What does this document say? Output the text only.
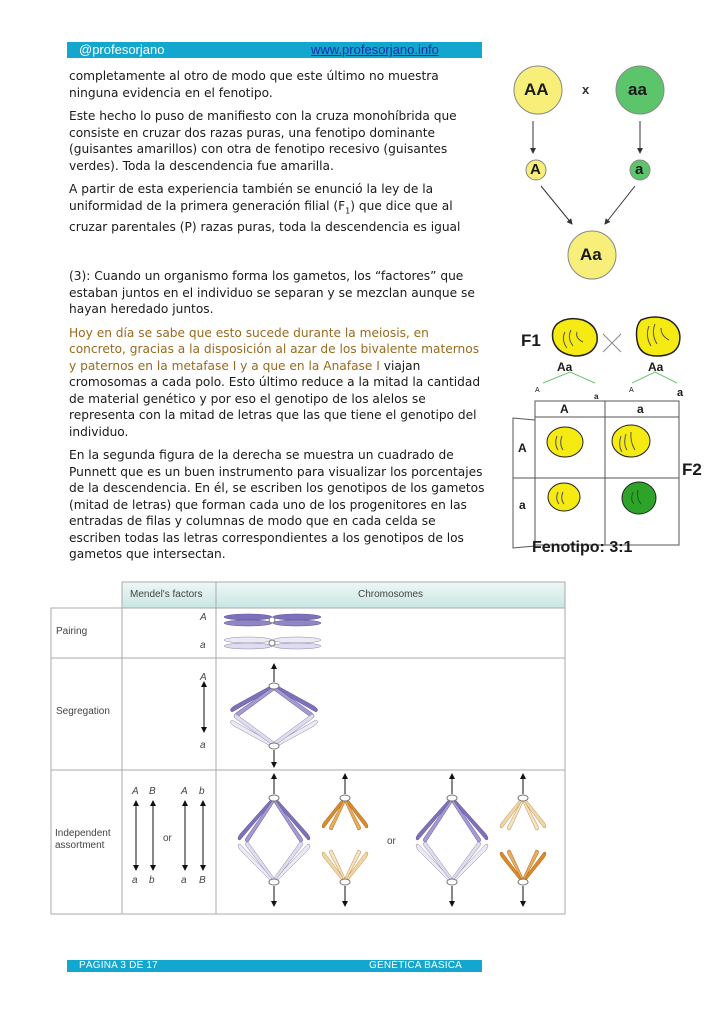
@profesorjano	www.profesorjano.info

completamente al otro de modo que este último no muestra ninguna evidencia en el fenotipo.

Este hecho lo puso de manifiesto con la cruza monohíbrida que consiste en cruzar dos razas puras, una fenotipo dominante (guisantes amarillos) con otra de fenotipo recesivo (guisantes verdes). Toda la descendencia fue amarilla.

A partir de esta experiencia también se enunció la ley de la uniformidad de la primera generación filial $(F_1)$ que dice que al cruzar parentales (P) razas puras, toda la descendencia es igual

(3): Cuando un organismo forma los gametos, los “factores” que estaban juntos en el individuo se separan y se mezclan aunque se hayan heredado juntos.

Hoy en día se sabe que esto sucede durante la meiosis, en concreto, gracias a la disposición al azar de los bivalente maternos y paternos en la metafase I y a que en la Anafase I viajan cromosomas a cada polo. Esto último reduce a la mitad la cantidad de material genético y por eso el genotipo de los alelos se representa con la mitad de letras que las que tiene el genotipo del individuo.

En la segunda figura de la derecha se muestra un cuadrado de Punnett que es un buen instrumento para visualizar los porcentajes de la descendencia. En él, se escriben los genotipos de los gametos (mitad de letras) que forman cada uno de los progenitores en las entradas de filas y columnas de modo que en cada celda se escriben todas las letras correspondientes a los genotipos de los gametos que intersectan.

AA	x aa
A	a
Aa
F1
Aa	Aa
A
a
A	a
A	a
A
a
F2
Fenotipo: 3:1
Mendel's factors	Chromosomes
Pairing
A
a
Segregation
A
a
Independent assortment
A B	A b
or
a b	a B
or
PÁGINA 3 DE 17	GENÉTICA BÁSICA
